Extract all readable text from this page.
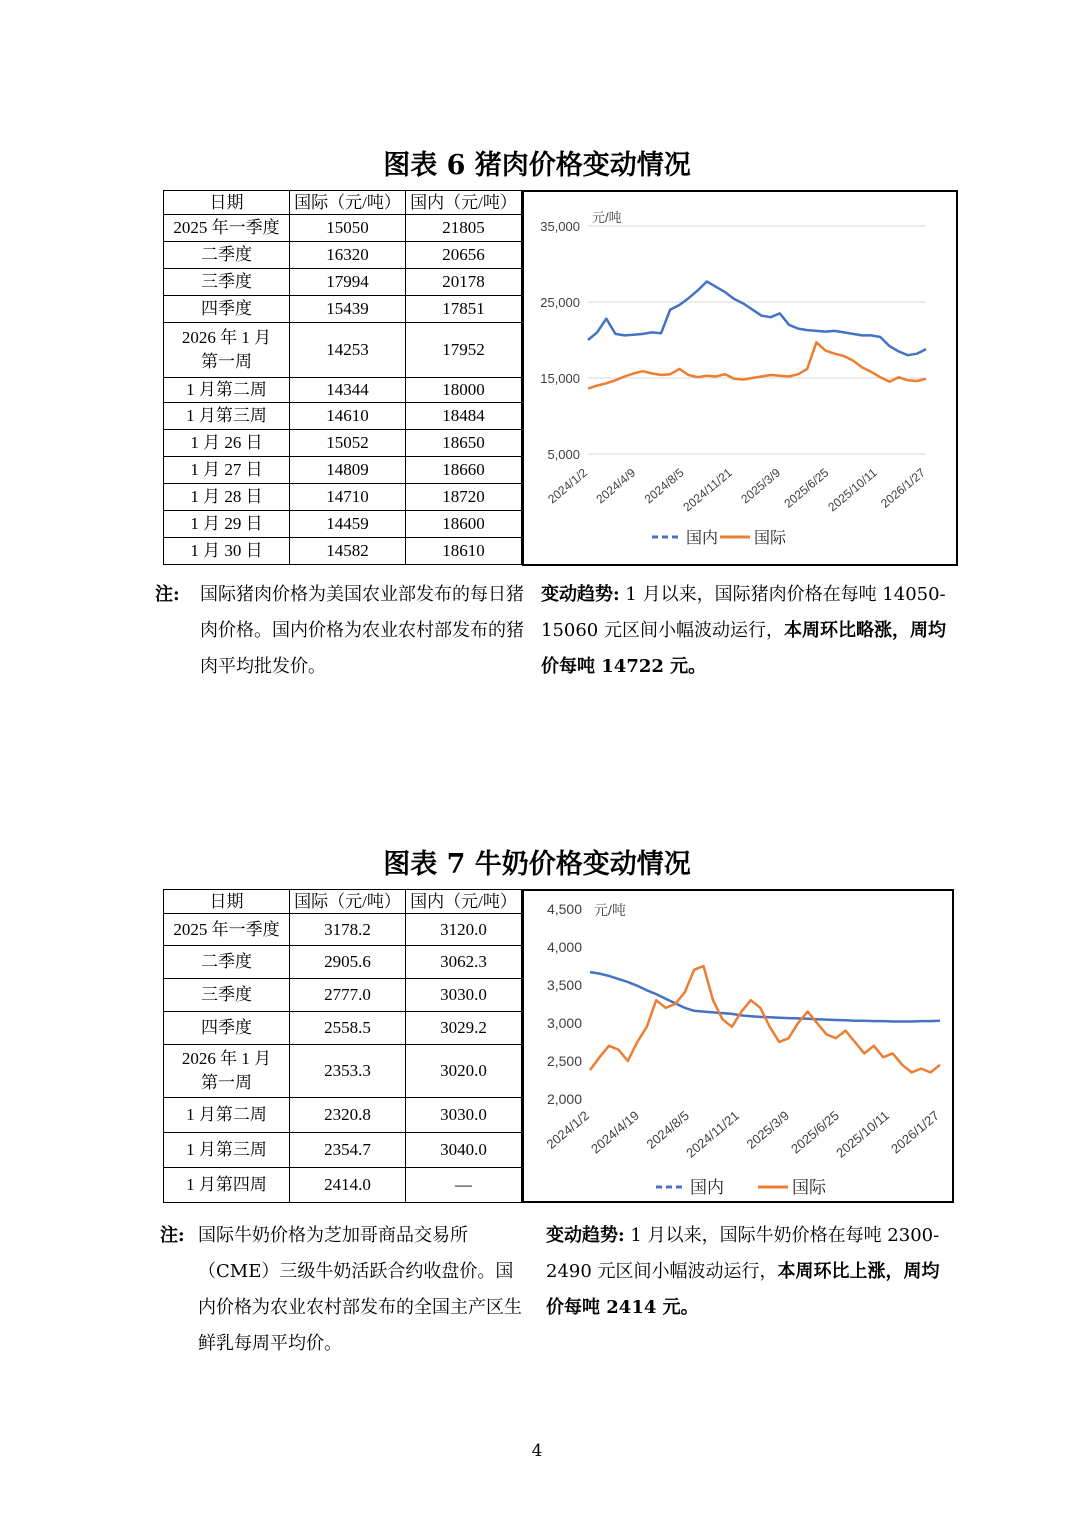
图表 6 猪肉价格变动情况
日期	国际（元/吨）	国内（元/吨）
2025 年一季度	15050	21805
二季度	16320	20656
三季度	17994	20178
四季度	15439	17851
2026 年 1 月
第一周	14253	17952
1 月第二周	14344	18000
1 月第三周	14610	18484
1 月 26 日	15052	18650
1 月 27 日	14809	18660
1 月 28 日	14710	18720
1 月 29 日	14459	18600
1 月 30 日	14582	18610
35,000
25,000
15,000
5,000
元/吨
2024/1/2 2024/4/9 2024/8/5
2024/11/21 2025/3/9
2025/6/25
2025/10/11
2026/1/27
国内 国际
注: 国际猪肉价格为美国农业部发布的每日猪肉价格。国内价格为农业农村部发布的猪肉平均批发价。
变动趋势: 1 月以来，国际猪肉价格在每吨 14050-15060 元区间小幅波动运行，本周环比略涨，周均价每吨 14722 元。
图表 7 牛奶价格变动情况
日期	国际（元/吨）	国内（元/吨）
2025 年一季度	3178.2	3120.0
二季度	2905.6	3062.3
三季度	2777.0	3030.0
四季度	2558.5	3029.2
2026 年 1 月
第一周	2353.3	3020.0
1 月第二周	2320.8	3030.0
1 月第三周	2354.7	3040.0
1 月第四周	2414.0	—
4,500
4,000
3,500
3,000
2,500
2,000
元/吨
2024/1/2
2024/4/19 2024/8/5
2024/11/21 2025/3/9
2025/6/25
2025/10/11
2026/1/27
国内	国际
注: 国际牛奶价格为芝加哥商品交易所（CME）三级牛奶活跃合约收盘价。国内价格为农业农村部发布的全国主产区生鲜乳每周平均价。
变动趋势: 1 月以来，国际牛奶价格在每吨 2300-2490 元区间小幅波动运行，本周环比上涨，周均价每吨 2414 元。
4
